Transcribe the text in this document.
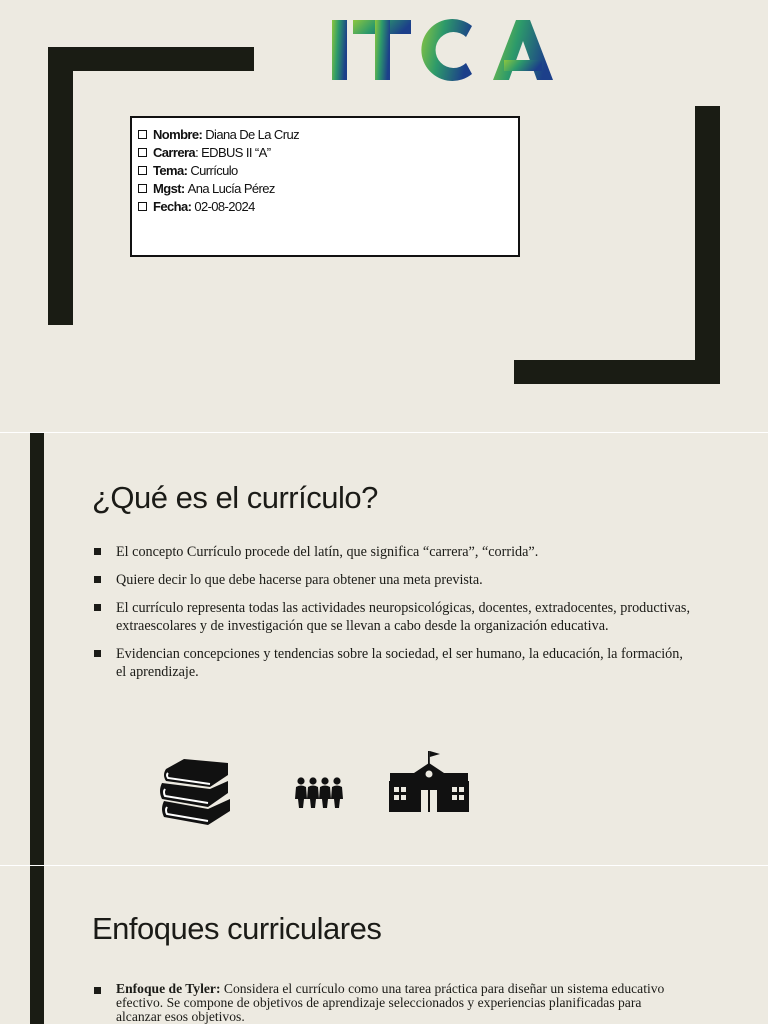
Nombre: Diana De La Cruz
Carrera : EDBUS II “A”
Tema: Currículo
Mgst: Ana Lucía Pérez
Fecha: 02-08-2024
¿Qué es el currículo?
El concepto Currículo procede del latín, que significa “carrera”, “corrida”.
Quiere decir lo que debe hacerse para obtener una meta prevista.
El currículo representa todas las actividades neuropsicológicas, docentes, extradocentes, productivas, extraescolares y de investigación que se llevan a cabo desde la organización educativa.
Evidencian concepciones y tendencias sobre la sociedad, el ser humano, la educación, la formación, el aprendizaje.
Enfoques curriculares
Enfoque de Tyler: Considera el currículo como una tarea práctica para diseñar un sistema educativo efectivo. Se compone de objetivos de aprendizaje seleccionados y experiencias planificadas para alcanzar esos objetivos.
